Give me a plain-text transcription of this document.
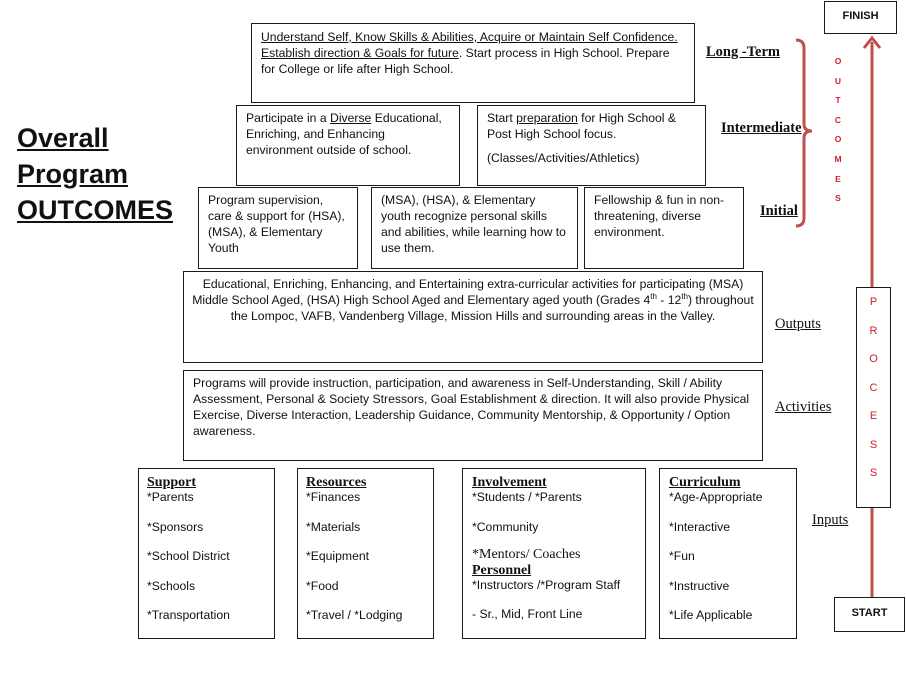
Overall
Program
OUTCOMES
Understand Self, Know Skills & Abilities, Acquire or Maintain Self Confidence. Establish direction & Goals for future. Start process in High School. Prepare for College or life after High School.
Long -Term
Participate in a Diverse Educational, Enriching, and Enhancing environment outside of school.
Start preparation for High School & Post High School focus.
(Classes/Activities/Athletics)
Intermediate
Program supervision, care & support for (HSA), (MSA), & Elementary Youth
(MSA), (HSA), & Elementary youth recognize personal skills and abilities, while learning how to use them.
Fellowship & fun in non-threatening, diverse environment.
Initial
O
U
T
C
O
M
E
S
Educational, Enriching, Enhancing, and Entertaining extra-curricular activities for participating (MSA) Middle School Aged, (HSA) High School Aged and Elementary aged youth (Grades 4th - 12th) throughout the Lompoc, VAFB, Vandenberg Village, Mission Hills and surrounding areas in the Valley.	Outputs
Programs will provide instruction, participation, and awareness in Self-Understanding, Skill / Ability Assessment, Personal & Society Stressors, Goal Establishment & direction. It will also provide Physical Exercise, Diverse Interaction, Leadership Guidance, Community Mentorship, & Opportunity / Option awareness.
Activities
Support
*Parents
*Sponsors
*School District
*Schools
*Transportation
Resources
*Finances
*Materials
*Equipment
*Food
*Travel / *Lodging
Involvement
*Students / *Parents
*Community
*Mentors/ Coaches
Personnel
*Instructors /*Program Staff
- Sr., Mid, Front Line
Curriculum
*Age-Appropriate
*Interactive
*Fun
*Instructive
*Life Applicable
Inputs
FINISH
P
R
O
C
E
S
S
START
